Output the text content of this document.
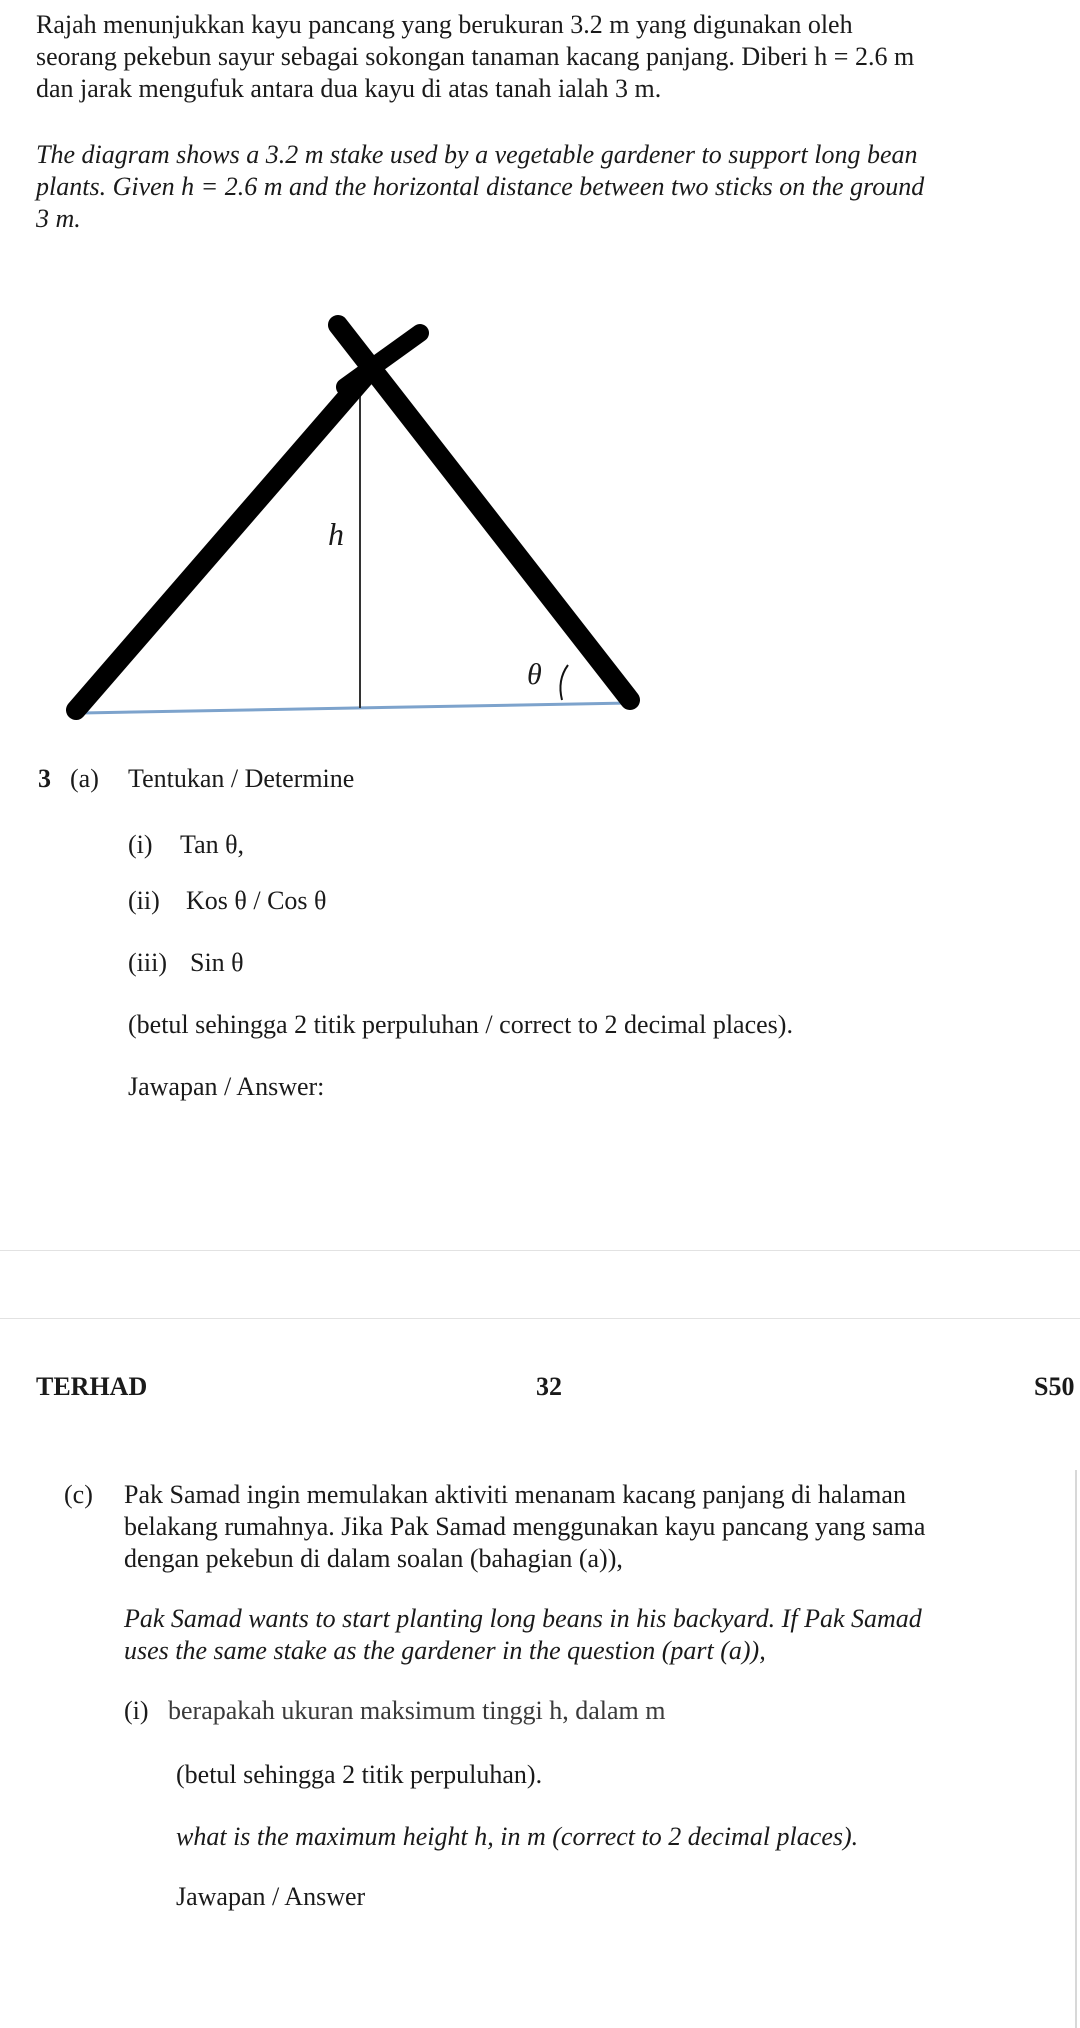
Rajah menunjukkan kayu pancang yang berukuran 3.2 m yang digunakan oleh
seorang pekebun sayur sebagai sokongan tanaman kacang panjang. Diberi h = 2.6 m
dan jarak mengufuk antara dua kayu di atas tanah ialah 3 m.
The diagram shows a 3.2 m stake used by a vegetable gardener to support long bean
plants. Given h = 2.6 m and the horizontal distance between two sticks on the ground
3 m.
h
θ
3 (a) Tentukan / Determine
(i) Tan θ,
(ii) Kos θ / Cos θ
(iii) Sin θ
(betul sehingga 2 titik perpuluhan / correct to 2 decimal places).
Jawapan / Answer:
TERHAD	32	S50
(c) Pak Samad ingin memulakan aktiviti menanam kacang panjang di halaman
belakang rumahnya. Jika Pak Samad menggunakan kayu pancang yang sama
dengan pekebun di dalam soalan (bahagian (a)),
Pak Samad wants to start planting long beans in his backyard. If Pak Samad
uses the same stake as the gardener in the question (part (a)),
(i) berapakah ukuran maksimum tinggi h, dalam m
(betul sehingga 2 titik perpuluhan).
what is the maximum height h, in m (correct to 2 decimal places).
Jawapan / Answer
